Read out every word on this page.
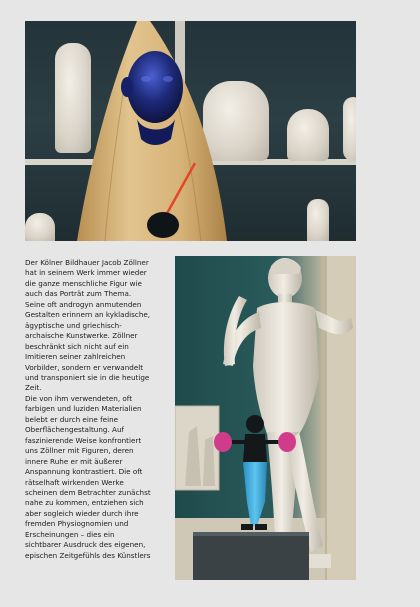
Der Kölner Bildhauer Jacob Zöllner
hat in seinem Werk immer wieder
die ganze menschliche Figur wie
auch das Porträt zum Thema.
Seine oft androgyn anmutenden
Gestalten erinnern an kykladische,
ägyptische und griechisch-
archaische Kunstwerke. Zöllner
beschränkt sich nicht auf ein
Imitieren seiner zahlreichen
Vorbilder, sondern er verwandelt
und transponiert sie in die heutige
Zeit.
Die von ihm verwendeten, oft
farbigen und luziden Materialien
belebt er durch eine feine
Oberflächengestaltung. Auf
faszinierende Weise konfrontiert
uns Zöllner mit Figuren, deren
innere Ruhe er mit äußerer
Anspannung kontrastiert. Die oft
rätselhaft wirkenden Werke
scheinen dem Betrachter zunächst
nahe zu kommen, entziehen sich
aber sogleich wieder durch ihre
fremden Physiognomien und
Erscheinungen – dies ein
sichtbarer Ausdruck des eigenen,
epischen Zeitgefühls des Künstlers
